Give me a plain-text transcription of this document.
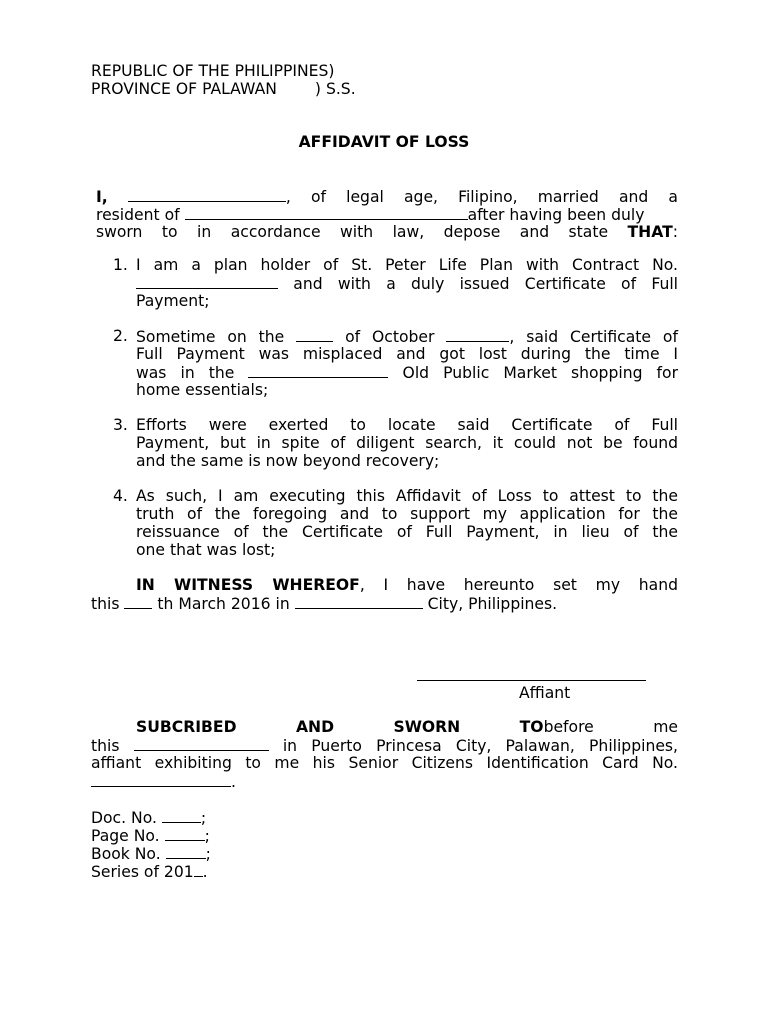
REPUBLIC OF THE PHILIPPINES)
PROVINCE OF PALAWAN ) S.S.
AFFIDAVIT OF LOSS
I,	, of legal age, Filipino, married and a
resident of	after having been duly
sworn to in accordance with law, depose and state THAT:
1. I am a plan holder of St. Peter Life Plan with Contract No.
and with a duly issued Certificate of Full
Payment;
2. Sometime on the	of October	, said Certificate of
Full Payment was misplaced and got lost during the time I
was in the	Old Public Market shopping for
home essentials;
3. Efforts were exerted to locate said Certificate of Full
Payment, but in spite of diligent search, it could not be found
and the same is now beyond recovery;
4. As such, I am executing this Affidavit of Loss to attest to the
truth of the foregoing and to support my application for the
reissuance of the Certificate of Full Payment, in lieu of the
one that was lost;
IN WITNESS WHEREOF, I have hereunto set my hand
this th March 2016 in	City, Philippines.
Affiant
SUBCRIBED	AND	SWORN	TObefore	me
this	in Puerto Princesa City, Palawan, Philippines,
affiant exhibiting to me his Senior Citizens Identification Card No.
.
Doc. No.	;
Page No.	;
Book No.	;
Series of 201 .
